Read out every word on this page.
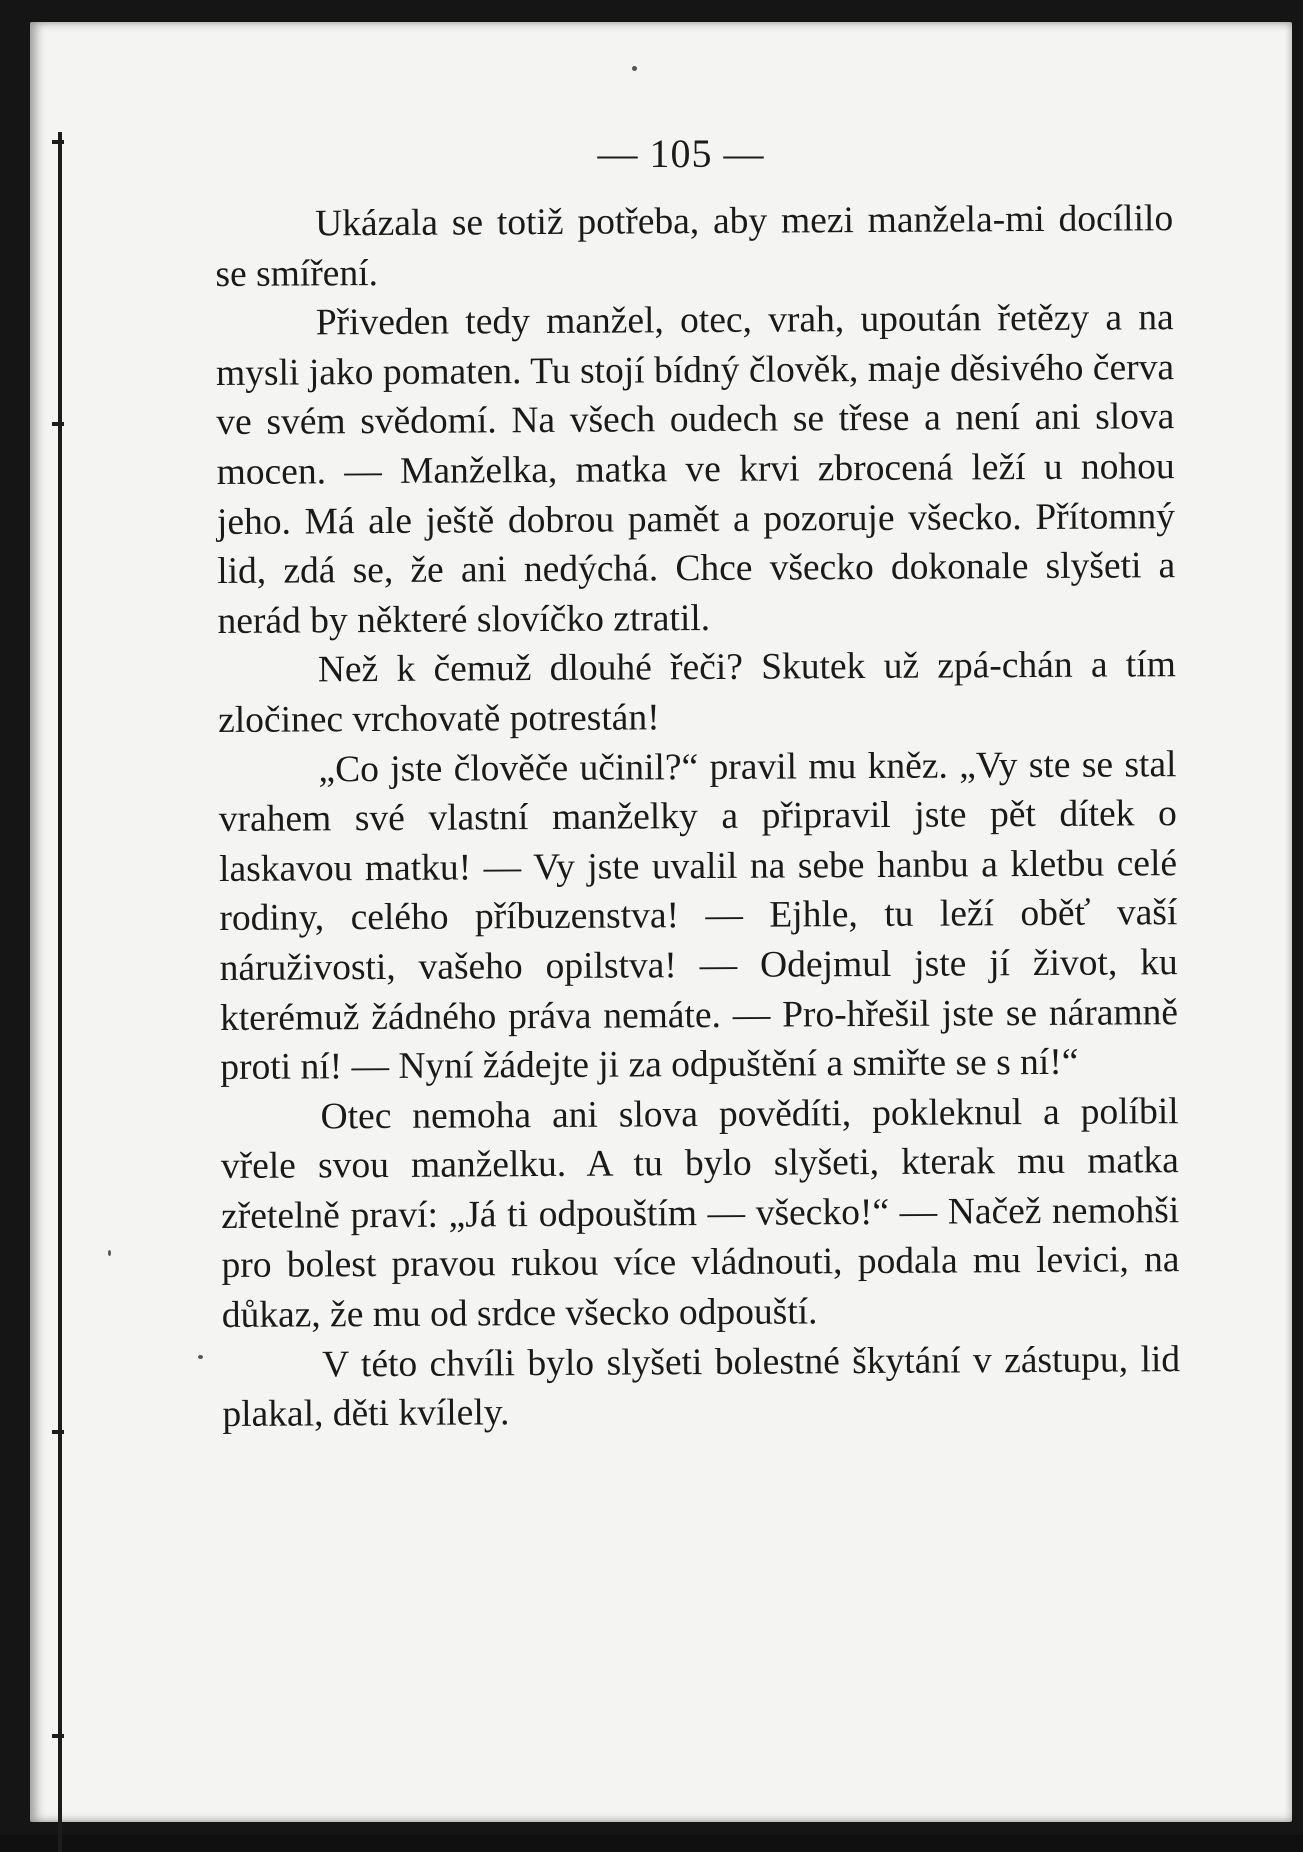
— 105 —

Ukázala se totiž potřeba, aby mezi manžela-mi docílilo se smíření.

Přiveden tedy manžel, otec, vrah, upoután řetězy a na mysli jako pomaten. Tu stojí bídný člověk, maje děsivého červa ve svém svědomí. Na všech oudech se třese a není ani slova mocen. — Manželka, matka ve krvi zbrocená leží u nohou jeho. Má ale ještě dobrou pamět a pozoruje všecko. Přítomný lid, zdá se, že ani nedýchá. Chce všecko dokonale slyšeti a nerád by některé slovíčko ztratil.

Než k čemuž dlouhé řeči? Skutek už zpá-chán a tím zločinec vrchovatě potrestán!

„Co jste člověče učinil?“ pravil mu kněz. „Vy ste se stal vrahem své vlastní manželky a připravil jste pět dítek o laskavou matku! — Vy jste uvalil na sebe hanbu a kletbu celé rodiny, celého příbuzenstva! — Ejhle, tu leží oběť vaší náruživosti, vašeho opilstva! — Odejmul jste jí život, ku kterémuž žádného práva nemáte. — Pro-hřešil jste se náramně proti ní! — Nyní žádejte ji za odpuštění a smiřte se s ní!“

Otec nemoha ani slova povědíti, pokleknul a políbil vřele svou manželku. A tu bylo slyšeti, kterak mu matka zřetelně praví: „Já ti odpouštím — všecko!“ — Načež nemohši pro bolest pravou rukou více vládnouti, podala mu levici, na důkaz, že mu od srdce všecko odpouští.

V této chvíli bylo slyšeti bolestné škytání v zástupu, lid plakal, děti kvílely.
